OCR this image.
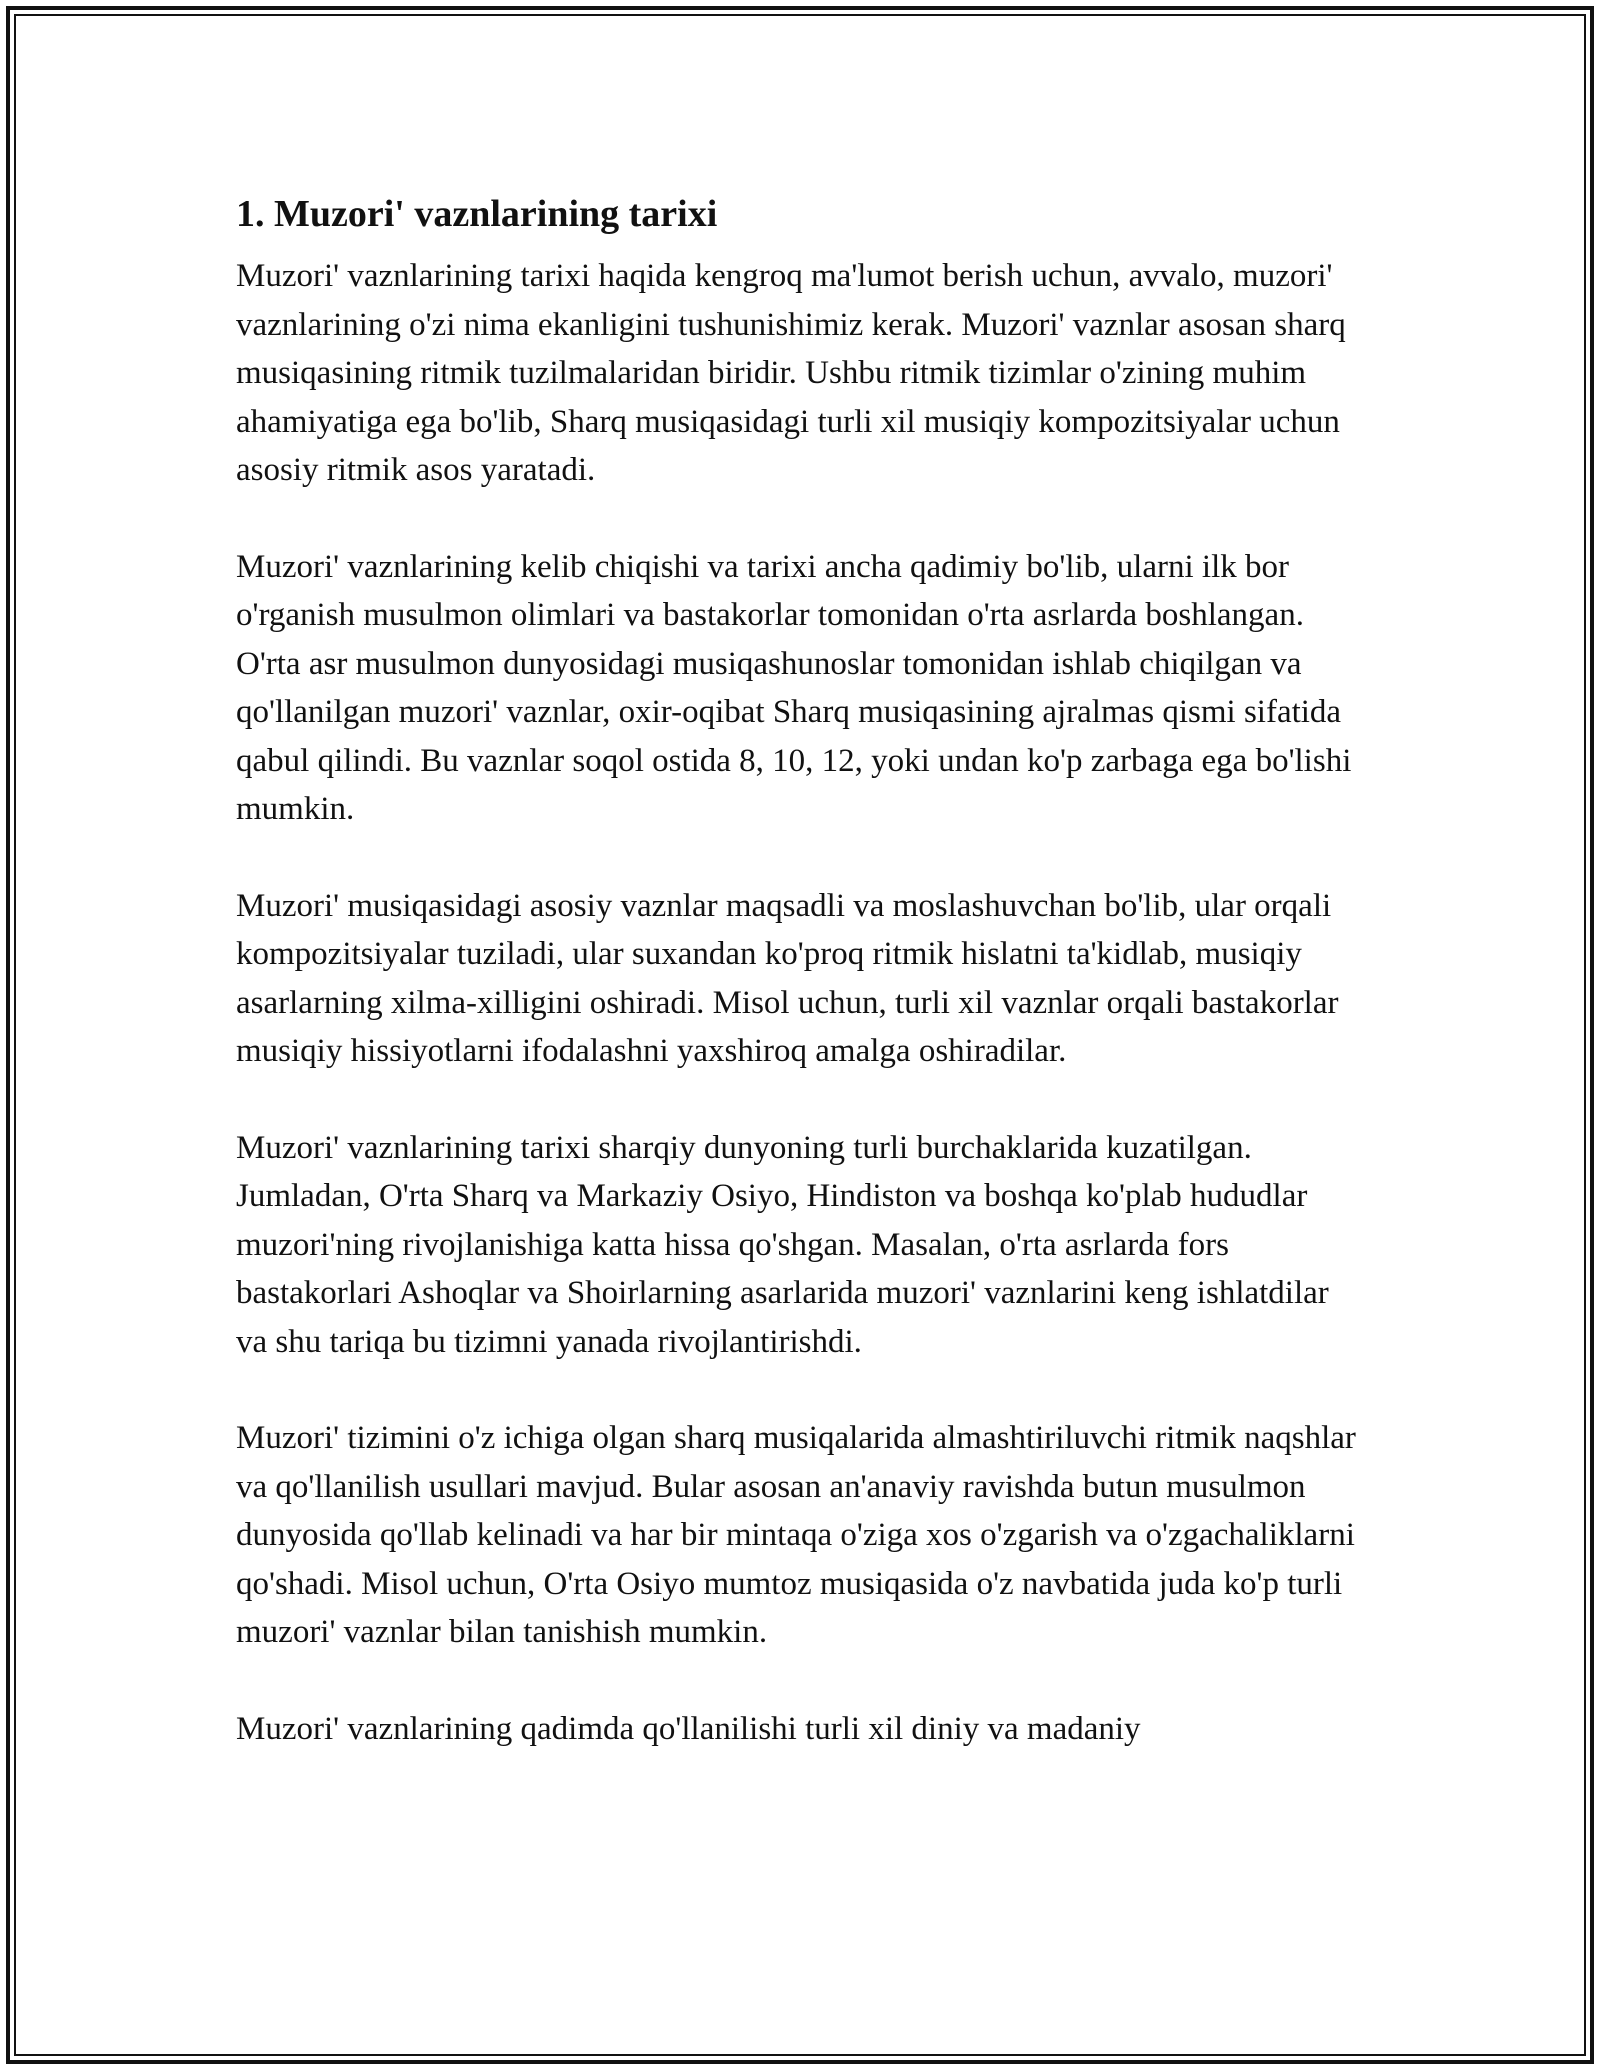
1. Muzori' vaznlarining tarixi

Muzori' vaznlarining tarixi haqida kengroq ma'lumot berish uchun, avvalo, muzori' vaznlarining o'zi nima ekanligini tushunishimiz kerak. Muzori' vaznlar asosan sharq musiqasining ritmik tuzilmalaridan biridir. Ushbu ritmik tizimlar o'zining muhim ahamiyatiga ega bo'lib, Sharq musiqasidagi turli xil musiqiy kompozitsiyalar uchun asosiy ritmik asos yaratadi.

Muzori' vaznlarining kelib chiqishi va tarixi ancha qadimiy bo'lib, ularni ilk bor o'rganish musulmon olimlari va bastakorlar tomonidan o'rta asrlarda boshlangan. O'rta asr musulmon dunyosidagi musiqashunoslar tomonidan ishlab chiqilgan va qo'llanilgan muzori' vaznlar, oxir-oqibat Sharq musiqasining ajralmas qismi sifatida qabul qilindi. Bu vaznlar soqol ostida 8, 10, 12, yoki undan ko'p zarbaga ega bo'lishi mumkin.

Muzori' musiqasidagi asosiy vaznlar maqsadli va moslashuvchan bo'lib, ular orqali kompozitsiyalar tuziladi, ular suxandan ko'proq ritmik hislatni ta'kidlab, musiqiy asarlarning xilma-xilligini oshiradi. Misol uchun, turli xil vaznlar orqali bastakorlar musiqiy hissiyotlarni ifodalashni yaxshiroq amalga oshiradilar.

Muzori' vaznlarining tarixi sharqiy dunyoning turli burchaklarida kuzatilgan. Jumladan, O'rta Sharq va Markaziy Osiyo, Hindiston va boshqa ko'plab hududlar muzori'ning rivojlanishiga katta hissa qo'shgan. Masalan, o'rta asrlarda fors bastakorlari Ashoqlar va Shoirlarning asarlarida muzori' vaznlarini keng ishlatdilar va shu tariqa bu tizimni yanada rivojlantirishdi.

Muzori' tizimini o'z ichiga olgan sharq musiqalarida almashtiriluvchi ritmik naqshlar va qo'llanilish usullari mavjud. Bular asosan an'anaviy ravishda butun musulmon dunyosida qo'llab kelinadi va har bir mintaqa o'ziga xos o'zgarish va o'zgachaliklarni qo'shadi. Misol uchun, O'rta Osiyo mumtoz musiqasida o'z navbatida juda ko'p turli muzori' vaznlar bilan tanishish mumkin.

Muzori' vaznlarining qadimda qo'llanilishi turli xil diniy va madaniy
